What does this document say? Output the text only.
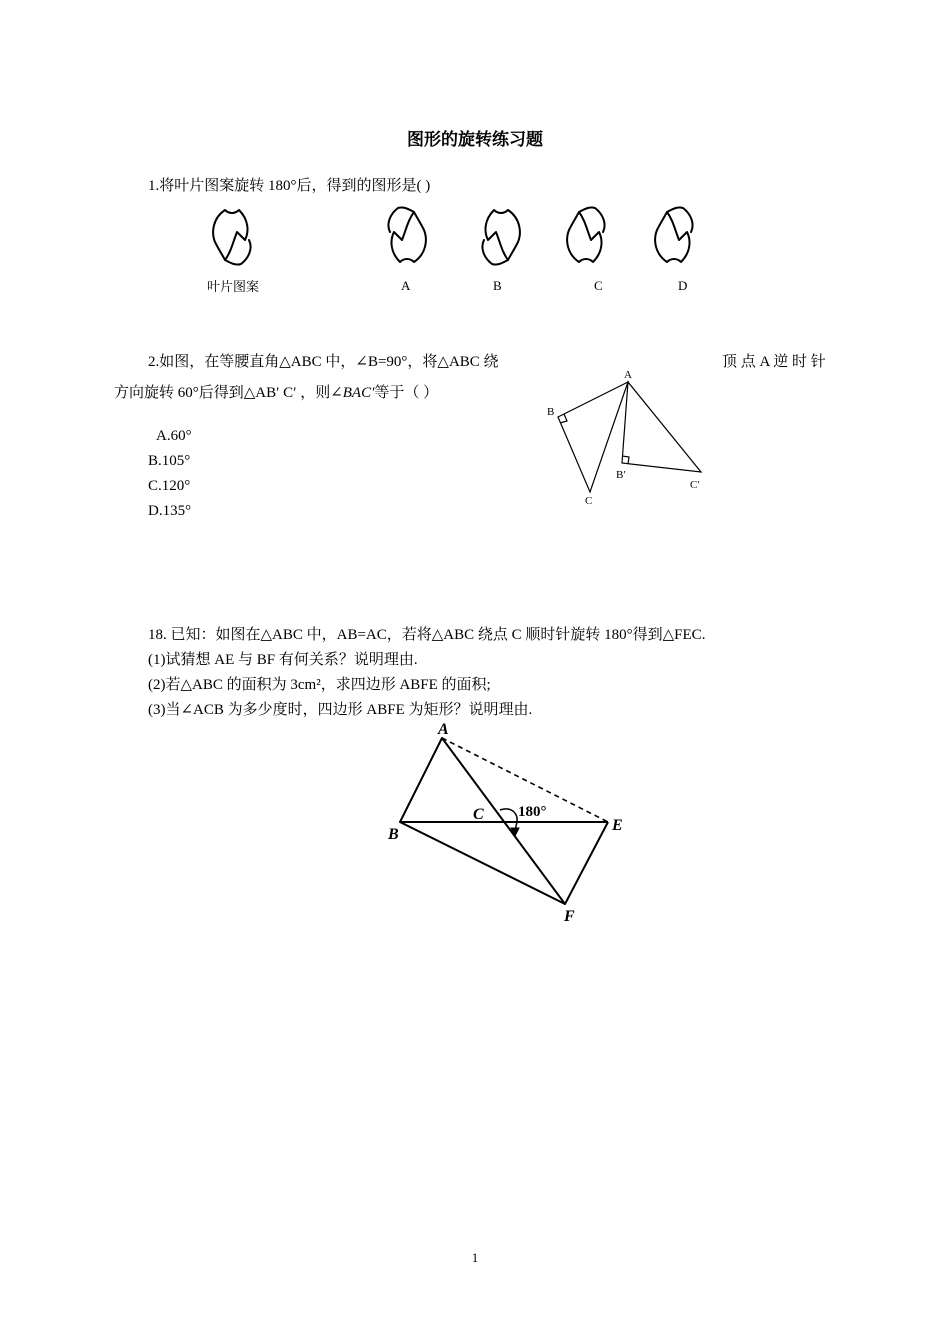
图形的旋转练习题
1.将叶片图案旋转 180°后，得到的图形是( )
叶片图案	A	B	C	D
2.如图，在等腰直角△ABC 中，∠B=90°，将△ABC 绕	顶 点 A 逆 时 针
方向旋转 60°后得到△AB′ C′ ，则∠BAC′等于（ ）
A.60°
B.105°
C.120°
D.135°
A
B
C
B′
C′
18. 已知：如图在△ABC 中，AB=AC，若将△ABC 绕点 C 顺时针旋转 180°得到△FEC.
(1)试猜想 AE 与 BF 有何关系？说明理由.
(2)若△ABC 的面积为 3cm²，求四边形 ABFE 的面积;
(3)当∠ACB 为多少度时，四边形 ABFE 为矩形？说明理由.
A
B
C
E
F
180°
1
